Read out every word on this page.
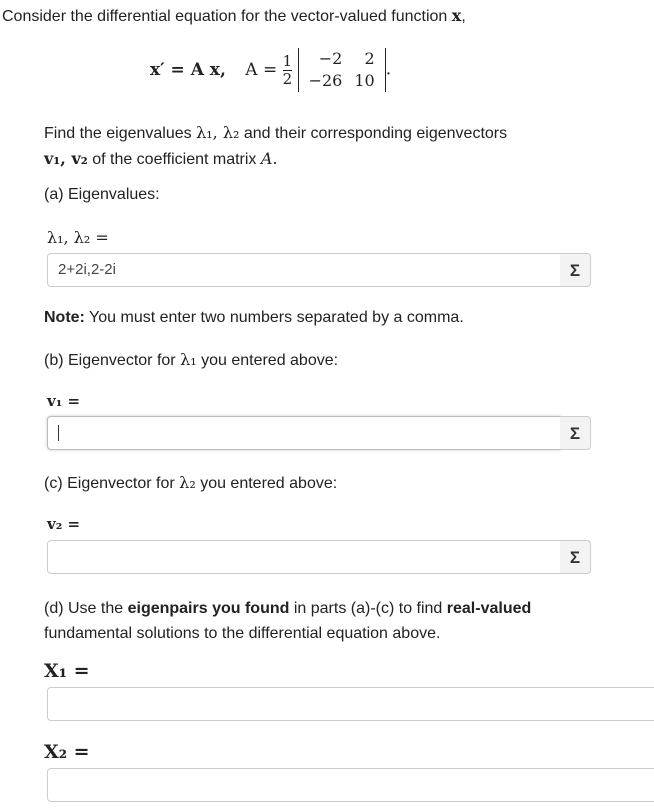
Consider the differential equation for the vector-valued function x,
x′ = A x, $A = \frac{1}{2}$
−2	2
−26	10
.
Find the eigenvalues λ₁, λ₂ and their corresponding eigenvectors
v₁, v₂ of the coefficient matrix A.
(a) Eigenvalues:
λ₁, λ₂ =
2+2i,2-2i	Σ
Note: You must enter two numbers separated by a comma.
(b) Eigenvector for λ₁ you entered above:
v₁ =
Σ
(c) Eigenvector for λ₂ you entered above:
v₂ =
Σ
(d) Use the eigenpairs you found in parts (a)-(c) to find real-valued
fundamental solutions to the differential equation above.
X₁ =
X₂ =
